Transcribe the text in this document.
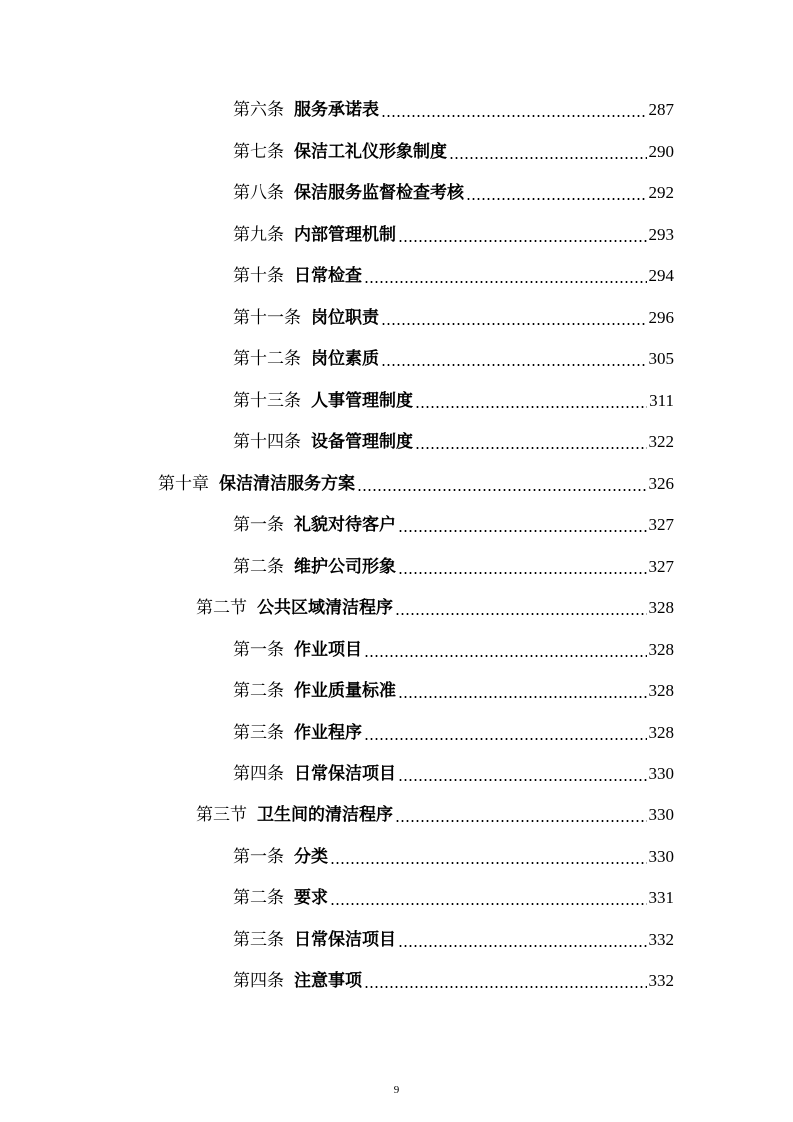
第六条 服务承诺表	287
第七条 保洁工礼仪形象制度	290
第八条 保洁服务监督检查考核	292
第九条 内部管理机制	293
第十条 日常检查	294
第十一条 岗位职责	296
第十二条 岗位素质	305
第十三条 人事管理制度	311
第十四条 设备管理制度	322
第十章 保洁清洁服务方案	326
第一条 礼貌对待客户	327
第二条 维护公司形象	327
第二节 公共区域清洁程序	328
第一条 作业项目	328
第二条 作业质量标准	328
第三条 作业程序	328
第四条 日常保洁项目	330
第三节 卫生间的清洁程序	330
第一条 分类	330
第二条 要求	331
第三条 日常保洁项目	332
第四条 注意事项	332
9
